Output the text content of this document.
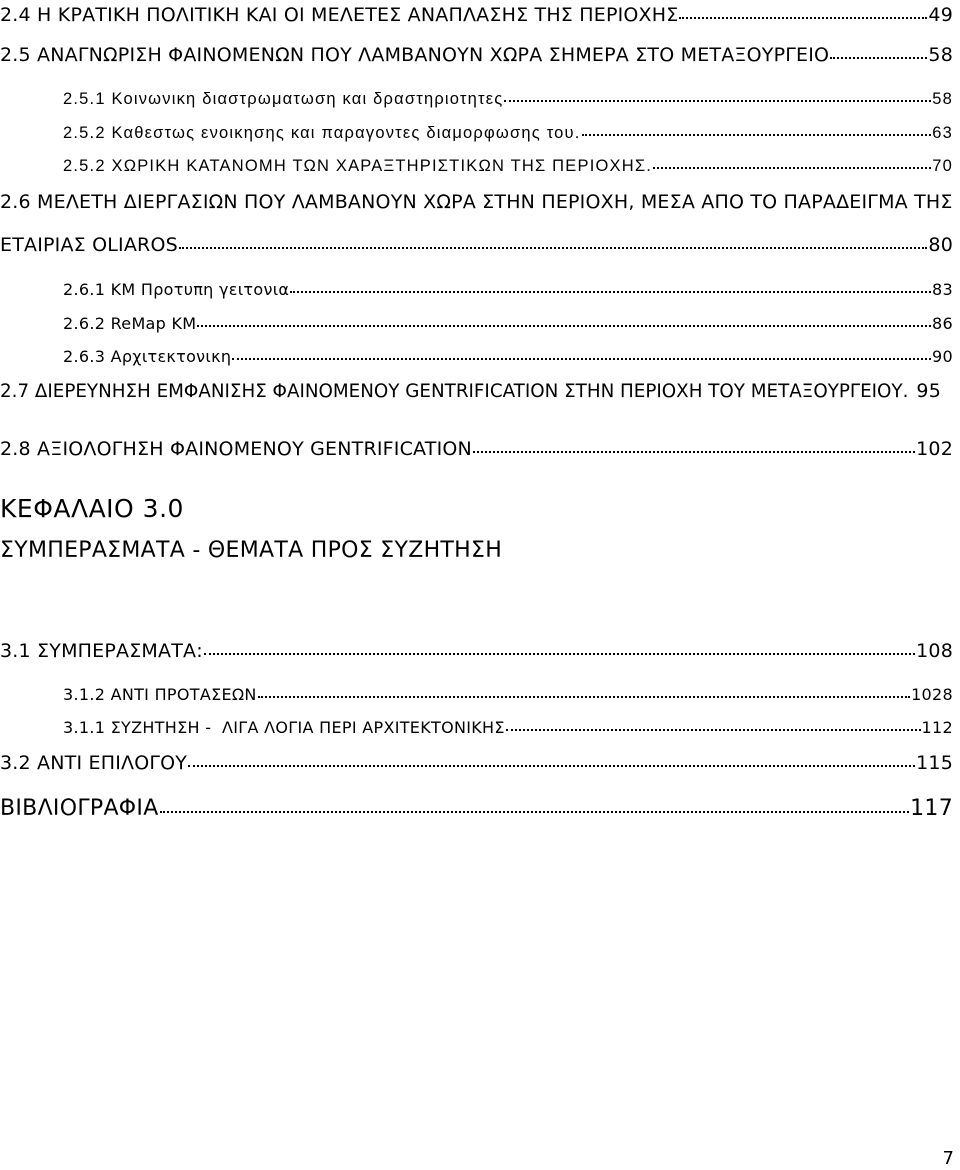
2.4 Η ΚΡΑΤΙΚΗ ΠΟΛΙΤΙΚΗ ΚΑΙ ΟΙ ΜΕΛΕΤΕΣ ΑΝΑΠΛΑΣΗΣ ΤΗΣ ΠΕΡΙΟΧΗΣ	49
2.5 ΑΝΑΓΝΩΡΙΣΗ ΦΑΙΝΟΜΕΝΩΝ ΠΟΥ ΛΑΜΒΑΝΟΥΝ ΧΩΡΑ ΣΗΜΕΡΑ ΣΤΟ ΜΕΤΑΞΟΥΡΓΕΙΟ	58
2.5.1 Κοινωνικη διαστρωματωση και δραστηριοτητες	58
2.5.2 Καθεστως ενοικησης και παραγοντες διαμορφωσης του.	63
2.5.2 ΧΩΡΙΚΗ ΚΑΤΑΝΟΜΗ ΤΩΝ ΧΑΡΑΞΤΗΡΙΣΤΙΚΩΝ ΤΗΣ ΠΕΡΙΟΧΗΣ.	70
2.6 ΜΕΛΕΤΗ ΔΙΕΡΓΑΣΙΩΝ ΠΟΥ ΛΑΜΒΑΝΟΥΝ ΧΩΡΑ ΣΤΗΝ ΠΕΡΙΟΧΗ, ΜΕΣΑ ΑΠΟ ΤΟ ΠΑΡΑΔΕΙΓΜΑ ΤΗΣ
ΕΤΑΙΡΙΑΣ OLIAROS	80
2.6.1 ΚΜ Προτυπη γειτονια	83
2.6.2 ReMap ΚΜ	86
2.6.3 Αρχιτεκτονικη	90
2.7 ΔΙΕΡΕΥΝΗΣΗ ΕΜΦΑΝΙΣΗΣ ΦΑΙΝΟΜΕΝΟΥ GENTRIFICATION ΣΤΗΝ ΠΕΡΙΟΧΗ ΤΟΥ ΜΕΤΑΞΟΥΡΓΕΙΟΥ. 95
2.8 ΑΞΙΟΛΟΓΗΣΗ ΦΑΙΝΟΜΕΝΟΥ GENTRIFICATION	102
ΚΕΦΑΛΑΙΟ 3.0
ΣΥΜΠΕΡΑΣΜΑΤΑ - ΘΕΜΑΤΑ ΠΡΟΣ ΣΥΖΗΤΗΣΗ
3.1 ΣΥΜΠΕΡΑΣΜΑΤΑ:	108
3.1.2 ΑΝΤΙ ΠΡΟΤΑΣΕΩΝ	1028
3.1.1 ΣΥΖΗΤΗΣΗ -  ΛΙΓΑ ΛΟΓΙΑ ΠΕΡΙ ΑΡΧΙΤΕΚΤΟΝΙΚΗΣ	112
3.2 ΑΝΤΙ ΕΠΙΛΟΓΟΥ	115
ΒΙΒΛΙΟΓΡΑΦΙΑ	117
7
